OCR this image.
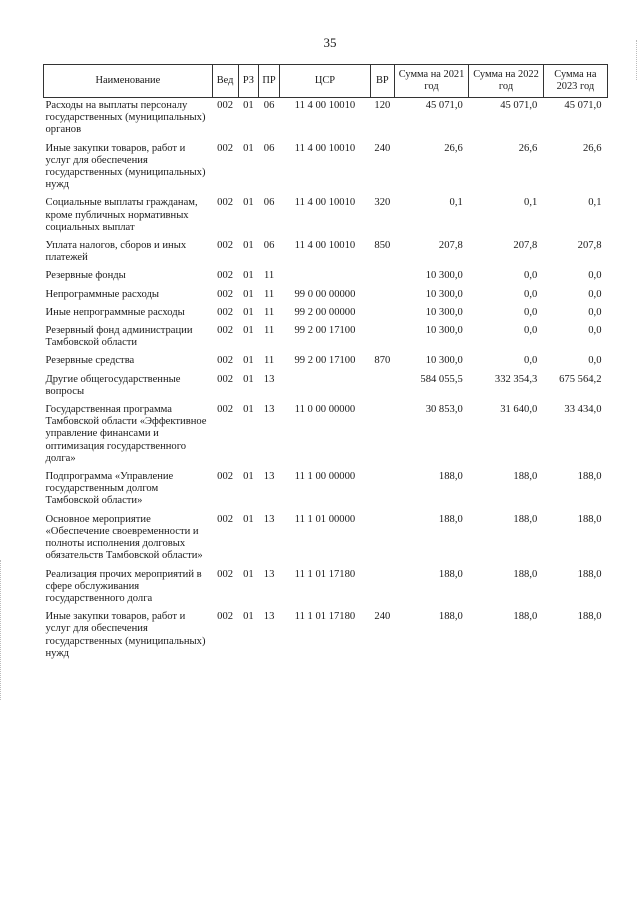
35
Наименование	Вед	РЗ	ПР	ЦСР	ВР	Сумма на 2021 год	Сумма на 2022 год	Сумма на 2023 год
Расходы на выплаты персоналу государственных (муниципальных) органов	002	01	06	11 4 00 10010	120	45 071,0	45 071,0	45 071,0
Иные закупки товаров, работ и услуг для обеспечения государственных (муниципальных) нужд	002	01	06	11 4 00 10010	240	26,6	26,6	26,6
Социальные выплаты гражданам, кроме публичных нормативных социальных выплат	002	01	06	11 4 00 10010	320	0,1	0,1	0,1
Уплата налогов, сборов и иных платежей	002	01	06	11 4 00 10010	850	207,8	207,8	207,8
Резервные фонды	002	01	11			10 300,0	0,0	0,0
Непрограммные расходы	002	01	11	99 0 00 00000		10 300,0	0,0	0,0
Иные непрограммные расходы	002	01	11	99 2 00 00000		10 300,0	0,0	0,0
Резервный фонд администрации Тамбовской области	002	01	11	99 2 00 17100		10 300,0	0,0	0,0
Резервные средства	002	01	11	99 2 00 17100	870	10 300,0	0,0	0,0
Другие общегосударственные вопросы	002	01	13			584 055,5	332 354,3	675 564,2
Государственная программа Тамбовской области «Эффективное управление финансами и оптимизация государственного долга»	002	01	13	11 0 00 00000		30 853,0	31 640,0	33 434,0
Подпрограмма «Управление государственным долгом Тамбовской области»	002	01	13	11 1 00 00000		188,0	188,0	188,0
Основное мероприятие «Обеспечение своевременности и полноты исполнения долговых обязательств Тамбовской области»	002	01	13	11 1 01 00000		188,0	188,0	188,0
Реализация прочих мероприятий в сфере обслуживания государственного долга	002	01	13	11 1 01 17180		188,0	188,0	188,0
Иные закупки товаров, работ и услуг для обеспечения государственных (муниципальных) нужд	002	01	13	11 1 01 17180	240	188,0	188,0	188,0
